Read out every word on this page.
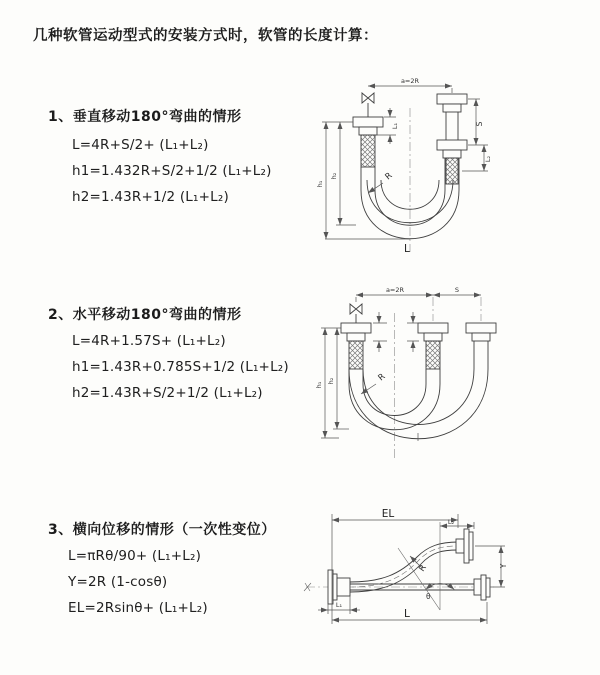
几种软管运动型式的安装方式时，软管的长度计算：
1、垂直移动180°弯曲的情形
L=4R+S/2+ (L₁+L₂)
h1=1.432R+S/2+1/2 (L₁+L₂)
h2=1.43R+1/2 (L₁+L₂)
a=2R
L
h₁
h₂
L₁	S
L₂
R
2、水平移动180°弯曲的情形
L=4R+1.57S+ (L₁+L₂)
h1=1.43R+0.785S+1/2 (L₁+L₂)
h2=1.43R+S/2+1/2 (L₁+L₂)
a=2R	S
h₁
h₂	R
3、横向位移的情形（一次性变位）
L=πRθ/90+ (L₁+L₂)
Y=2R (1-cosθ)
EL=2Rsinθ+ (L₁+L₂)
EL
L₂
Y
θ
R
L
L₁
